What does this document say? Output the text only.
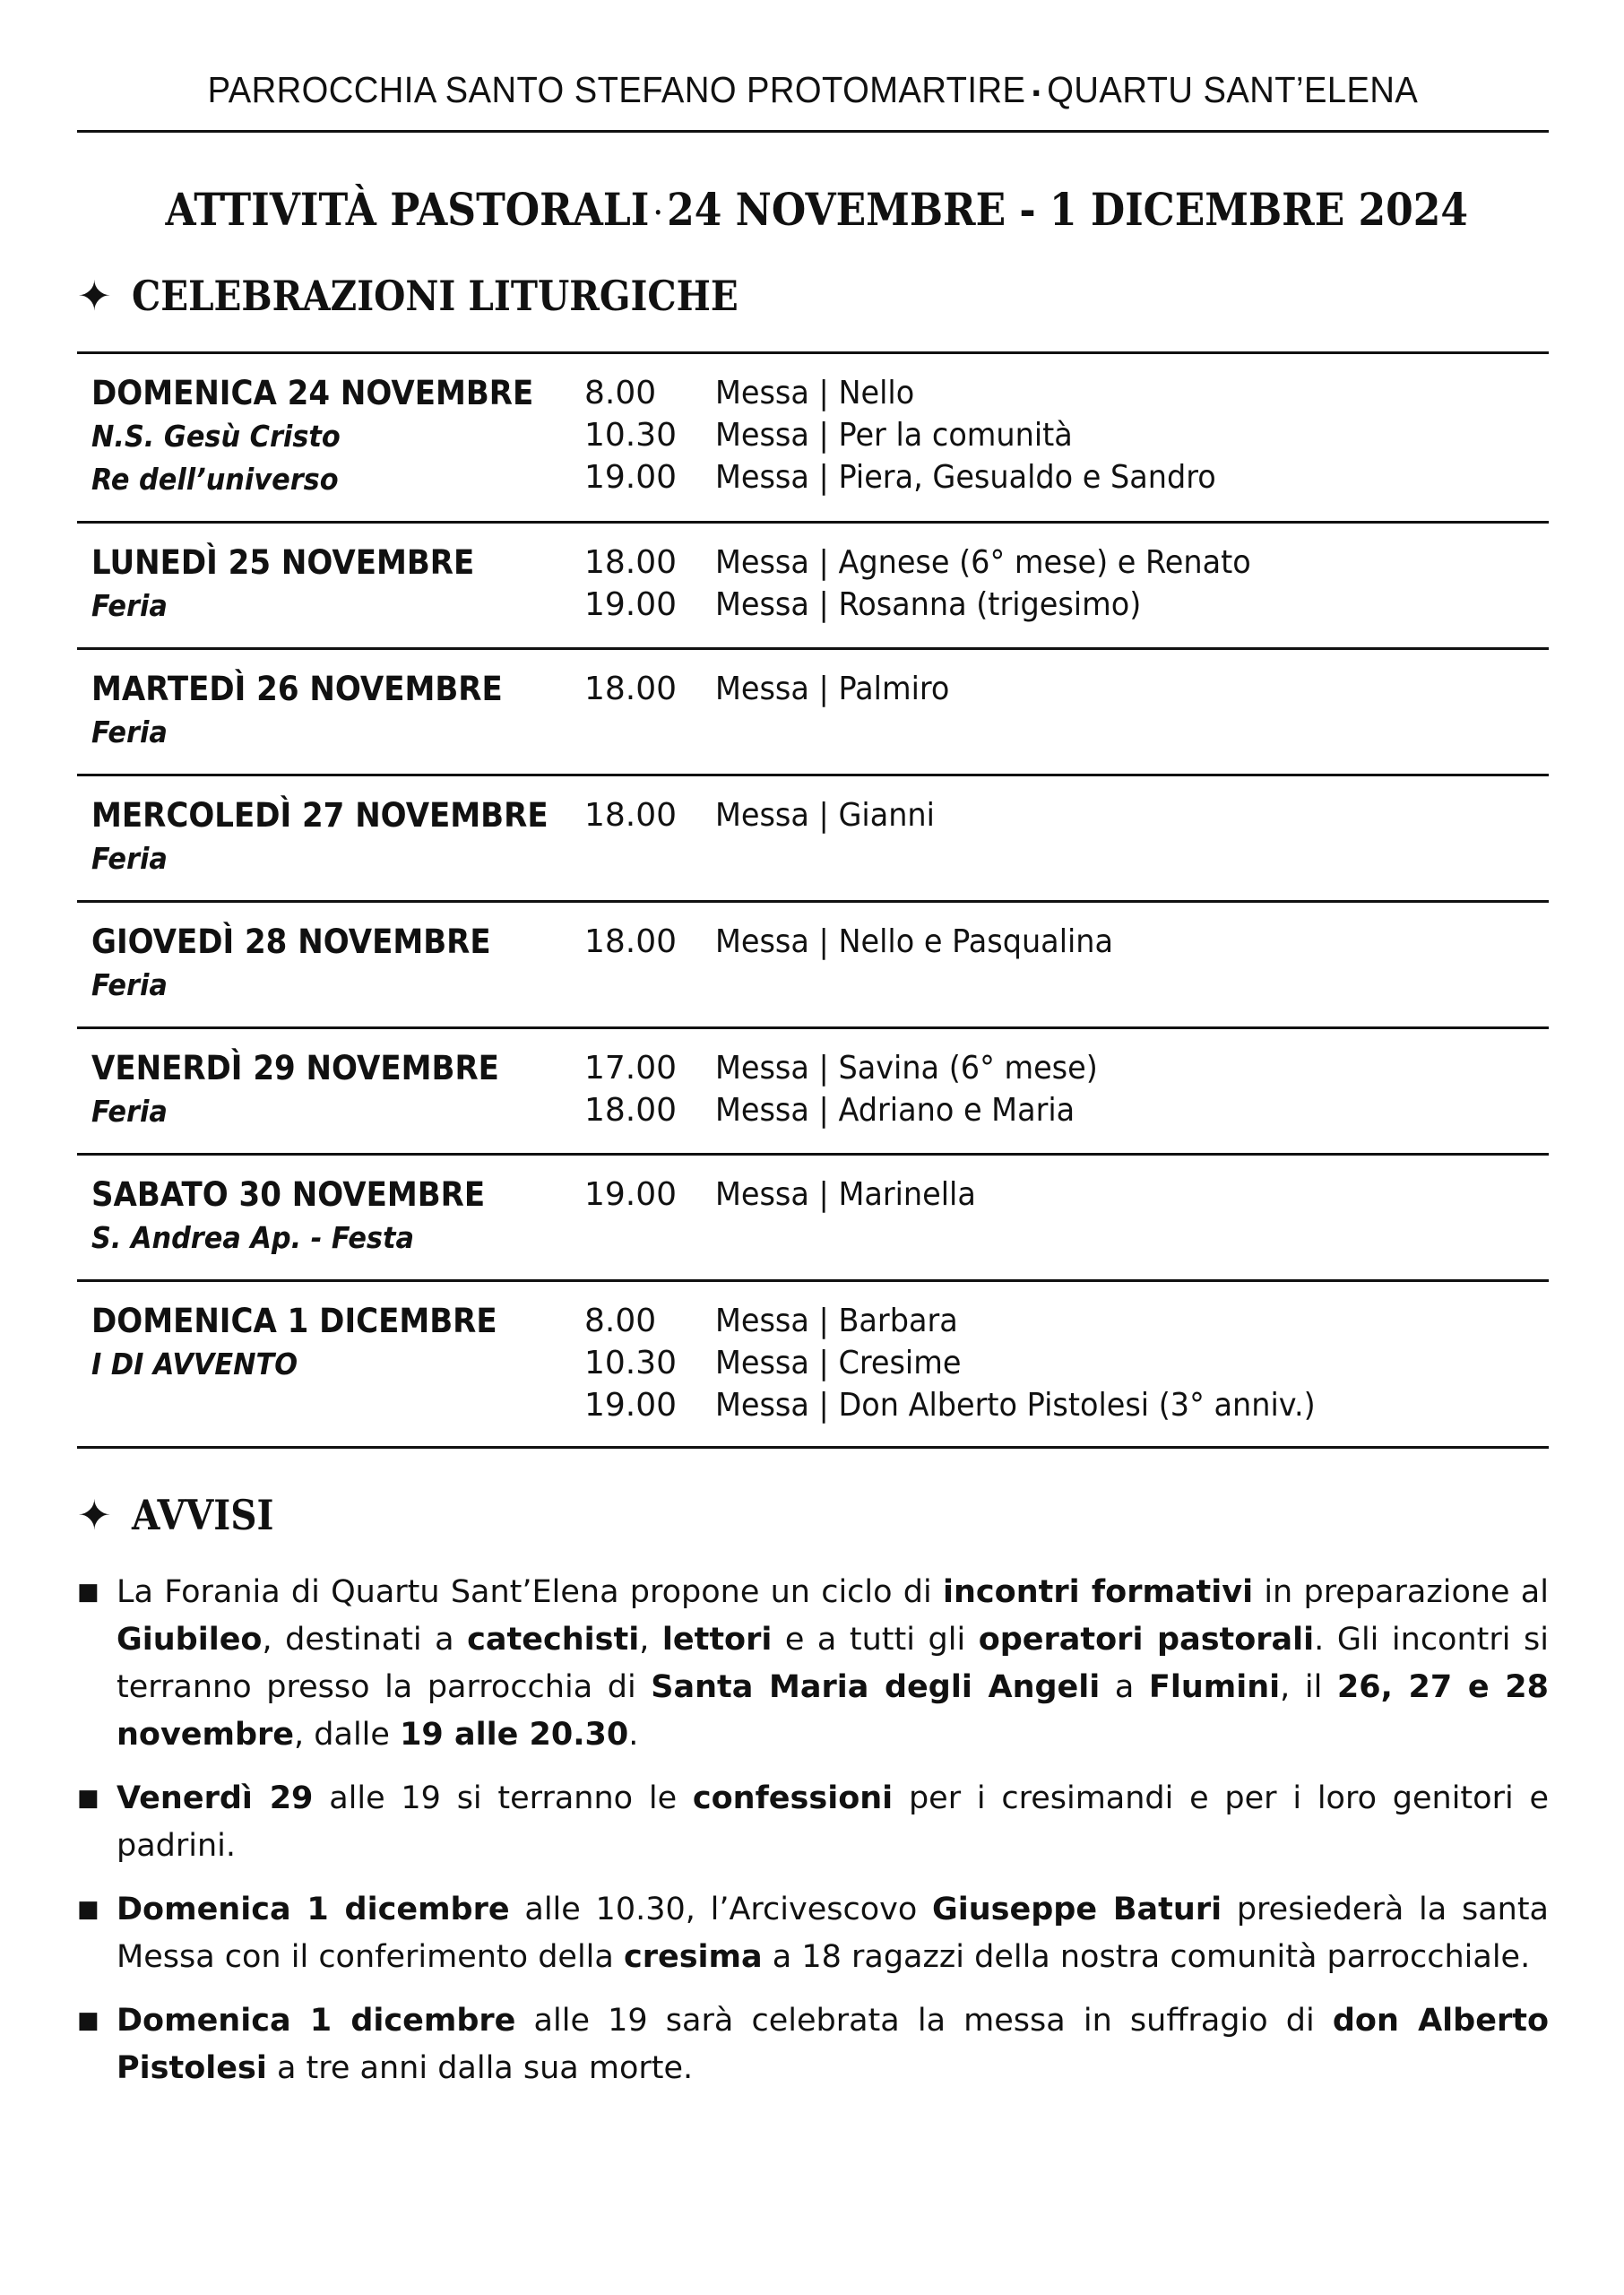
PARROCCHIA SANTO STEFANO PROTOMARTIRE ▪ QUARTU SANT’ELENA
ATTIVITÀ PASTORALI · 24 NOVEMBRE - 1 DICEMBRE 2024
✦ CELEBRAZIONI LITURGICHE
DOMENICA 24 NOVEMBRE
N.S. Gesù Cristo
Re dell’universo
8.00	Messa | Nello
10.30	Messa | Per la comunità
19.00	Messa | Piera, Gesualdo e Sandro
LUNEDÌ 25 NOVEMBRE
Feria
18.00	Messa | Agnese (6° mese) e Renato
19.00	Messa | Rosanna (trigesimo)
MARTEDÌ 26 NOVEMBRE
Feria
18.00	Messa | Palmiro
MERCOLEDÌ 27 NOVEMBRE
Feria
18.00	Messa | Gianni
GIOVEDÌ 28 NOVEMBRE
Feria
18.00	Messa | Nello e Pasqualina
VENERDÌ 29 NOVEMBRE
Feria
17.00	Messa | Savina (6° mese)
18.00	Messa | Adriano e Maria
SABATO 30 NOVEMBRE
S. Andrea Ap. - Festa
19.00	Messa | Marinella
DOMENICA 1 DICEMBRE
I DI AVVENTO
8.00	Messa | Barbara
10.30	Messa | Cresime
19.00	Messa | Don Alberto Pistolesi (3° anniv.)
✦ AVVISI
■ La Forania di Quartu Sant’Elena propone un ciclo di incontri formativi in preparazione al Giubileo, destinati a catechisti, lettori e a tutti gli operatori pastorali. Gli incontri si terranno presso la parrocchia di Santa Maria degli Angeli a Flumini, il 26, 27 e 28 novembre, dalle 19 alle 20.30.
■ Venerdì 29 alle 19 si terranno le confessioni per i cresimandi e per i loro genitori e padrini.
■ Domenica 1 dicembre alle 10.30, l’Arcivescovo Giuseppe Baturi presiederà la santa Messa con il conferimento della cresima a 18 ragazzi della nostra comunità parrocchiale.
■ Domenica 1 dicembre alle 19 sarà celebrata la messa in suffragio di don Alberto Pistolesi a tre anni dalla sua morte.
